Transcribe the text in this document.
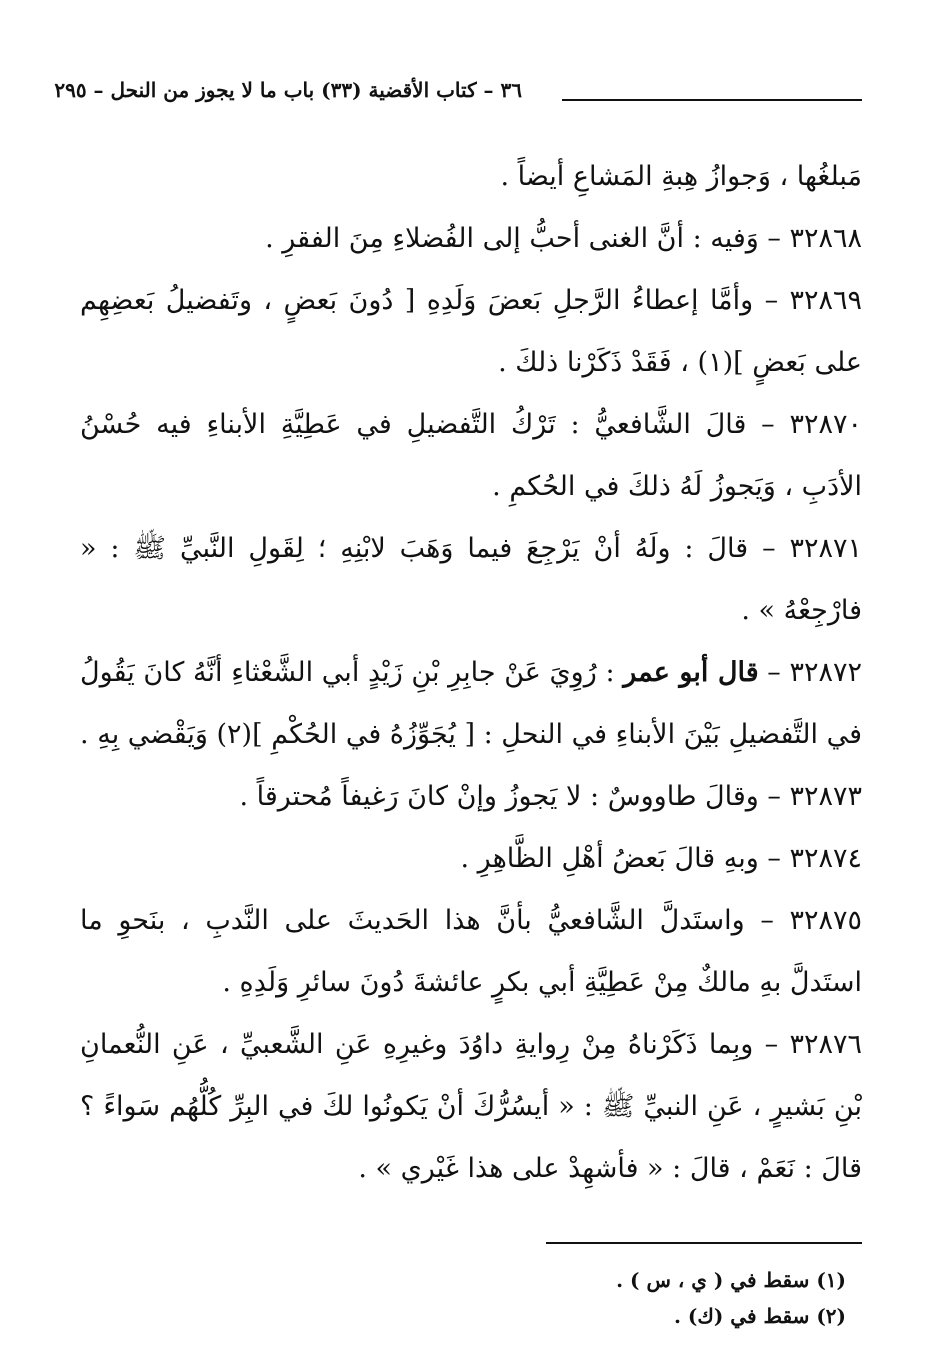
٣٦ – كتاب الأقضية (٣٣) باب ما لا يجوز من النحل – ٢٩٥

مَبلغُها ، وَجوازُ هِبةِ المَشاعِ أيضاً .

٣٢٨٦٨ – وَفيه : أنَّ الغنى أحبُّ إلى الفُضلاءِ مِنَ الفقرِ .

٣٢٨٦٩ – وأمَّا إعطاءُ الرَّجلِ بَعضَ وَلَدِهِ [ دُونَ بَعضٍ ، وتَفضيلُ بَعضِهِم على بَعضٍ ](١) ، فَقَدْ ذَكَرْنا ذلكَ .

٣٢٨٧٠ – قالَ الشَّافعيُّ : تَرْكُ التَّفضيلِ في عَطِيَّةِ الأبناءِ فيه حُسْنُ الأدَبِ ، وَيَجوزُ لَهُ ذلكَ في الحُكمِ .

٣٢٨٧١ – قالَ : ولَهُ أنْ يَرْجِعَ فيما وَهَبَ لابْنِهِ ؛ لِقَولِ النَّبيِّ ﷺ : « فارْجِعْهُ » .

٣٢٨٧٢ – قال أبو عمر : رُوِيَ عَنْ جابِرِ بْنِ زَيْدٍ أبي الشَّعْثاءِ أنَّهُ كانَ يَقُولُ في التَّفضيلِ بَيْنَ الأبناءِ في النحلِ : [ يُجَوِّزُهُ في الحُكْمِ ](٢) وَيَقْضي بِهِ .

٣٢٨٧٣ – وقالَ طاووسٌ : لا يَجوزُ وإنْ كانَ رَغيفاً مُحترقاً .

٣٢٨٧٤ – وبهِ قالَ بَعضُ أهْلِ الظَّاهِرِ .

٣٢٨٧٥ – واستَدلَّ الشَّافعيُّ بأنَّ هذا الحَديثَ على النَّدبِ ، بنَحوِ ما استَدلَّ بهِ مالكٌ مِنْ عَطِيَّةِ أبي بكرٍ عائشةَ دُونَ سائرِ وَلَدِهِ .

٣٢٨٧٦ – وبِما ذَكَرْناهُ مِنْ رِوايةِ داوُدَ وغيرِهِ عَنِ الشَّعبيِّ ، عَنِ النُّعمانِ بْنِ بَشيرٍ ، عَنِ النبيِّ ﷺ : « أيسُرُّكَ أنْ يَكونُوا لكَ في البِرِّ كُلُّهُم سَواءً ؟ قالَ : نَعَمْ ، قالَ : « فأشهِدْ على هذا غَيْري » .

(١) سقط في ( ي ، س ) .

(٢) سقط في (ك) .
